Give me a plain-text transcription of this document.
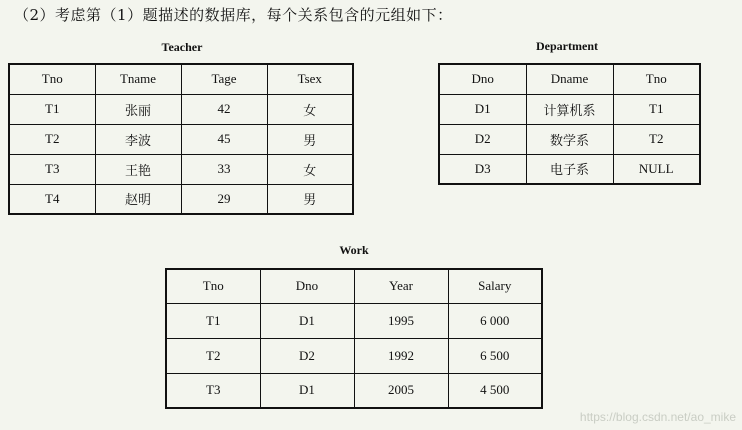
（2）考虑第（1）题描述的数据库，每个关系包含的元组如下：
Teacher
Tno	Tname	Tage	Tsex
T1	张丽	42	女
T2	李波	45	男
T3	王艳	33	女
T4	赵明	29	男
Department
Dno	Dname	Tno
D1	计算机系	T1
D2	数学系	T2
D3	电子系	NULL
Work
Tno	Dno	Year	Salary
T1	D1	1995	6 000
T2	D2	1992	6 500
T3	D1	2005	4 500
https://blog.csdn.net/ao_mike
